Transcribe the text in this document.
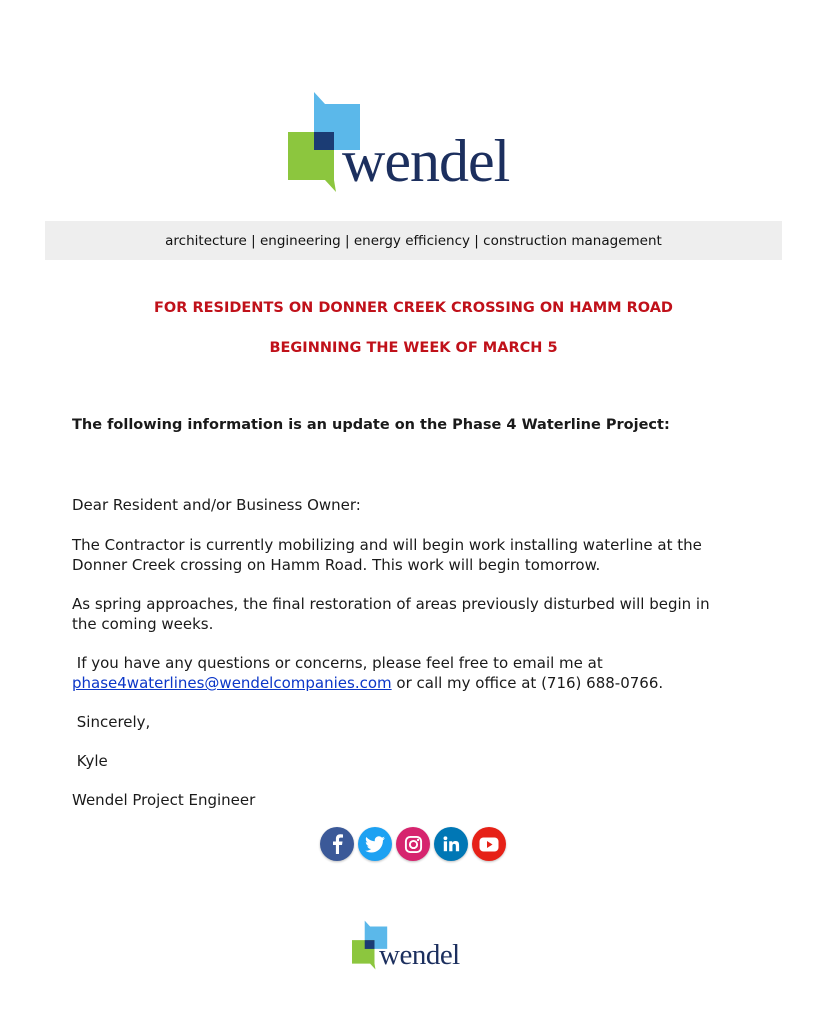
wendel
architecture | engineering | energy efficiency | construction management
FOR RESIDENTS ON DONNER CREEK CROSSING ON HAMM ROAD
BEGINNING THE WEEK OF MARCH 5
The following information is an update on the Phase 4 Waterline Project:
Dear Resident and/or Business Owner:
The Contractor is currently mobilizing and will begin work installing waterline at the
Donner Creek crossing on Hamm Road. This work will begin tomorrow.
As spring approaches, the final restoration of areas previously disturbed will begin in
the coming weeks.
If you have any questions or concerns, please feel free to email me at
phase4waterlines@wendelcompanies.com or call my office at (716) 688-0766.
Sincerely,
Kyle
Wendel Project Engineer
wendel
